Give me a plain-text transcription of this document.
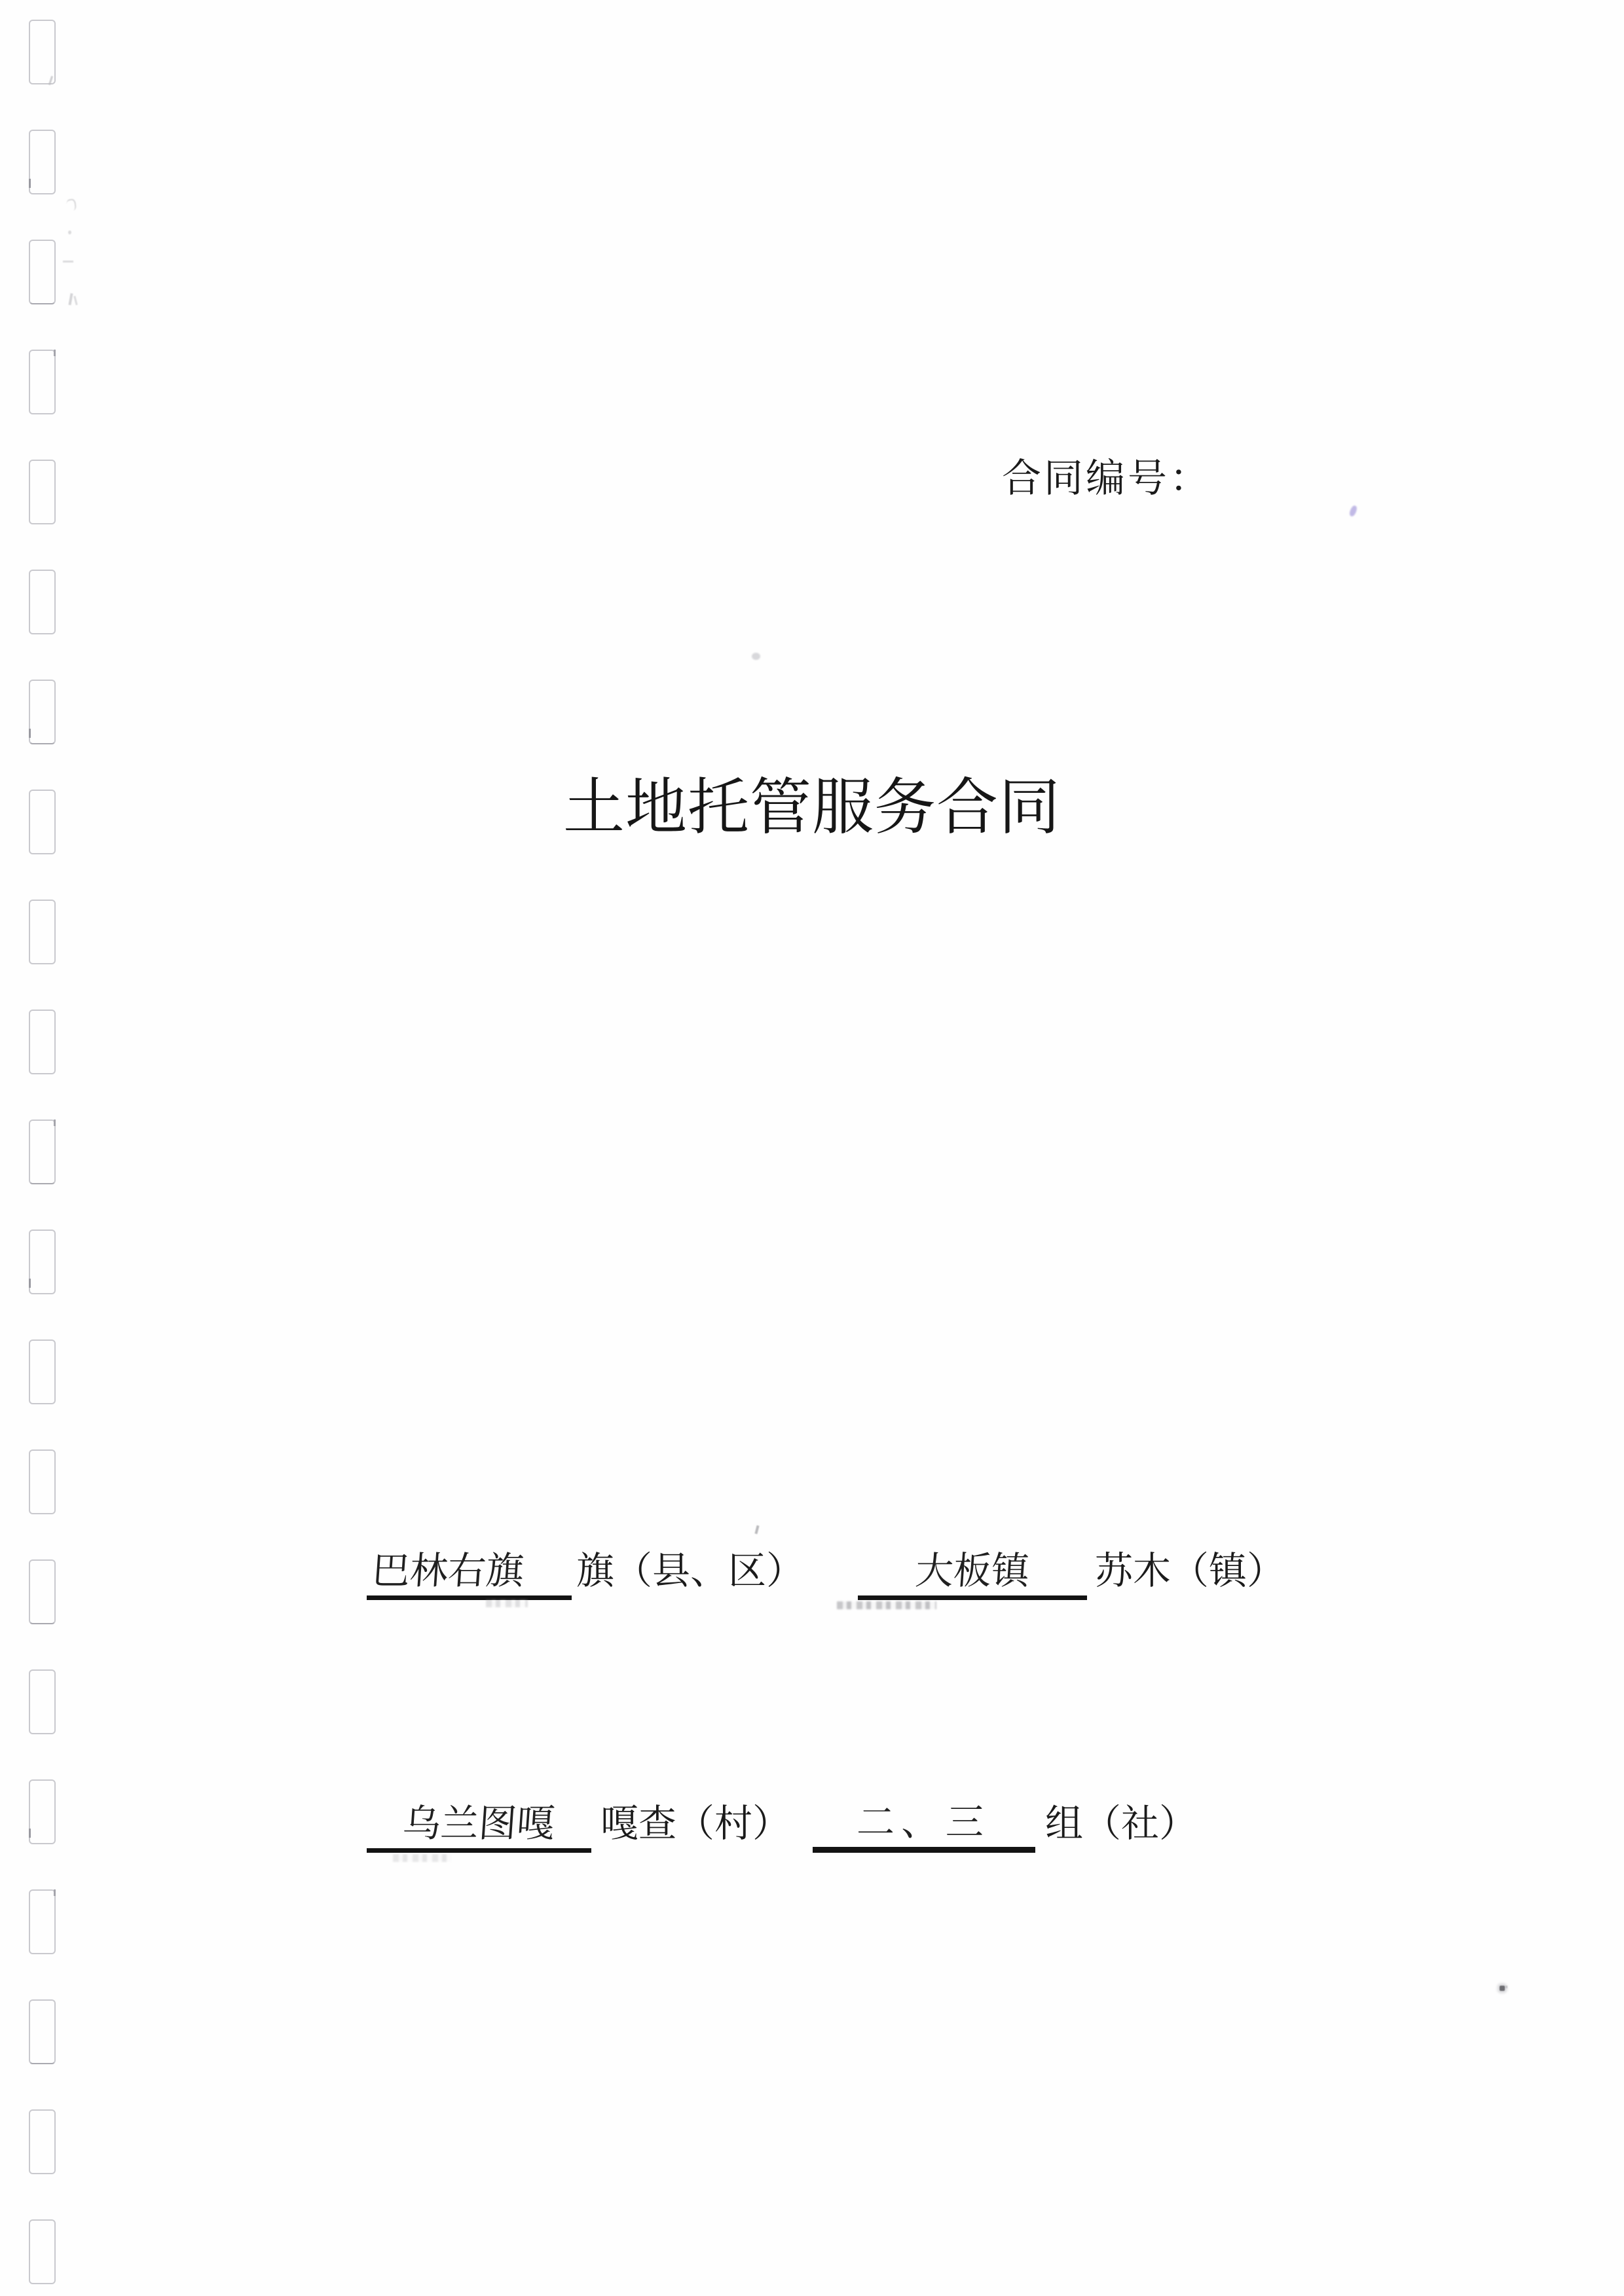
合同编号：
土地托管服务合同
巴林右旗	旗（县、区）	大板镇	苏木（镇）
乌兰图嘎	嘎查（村）	二、三	组（社）
